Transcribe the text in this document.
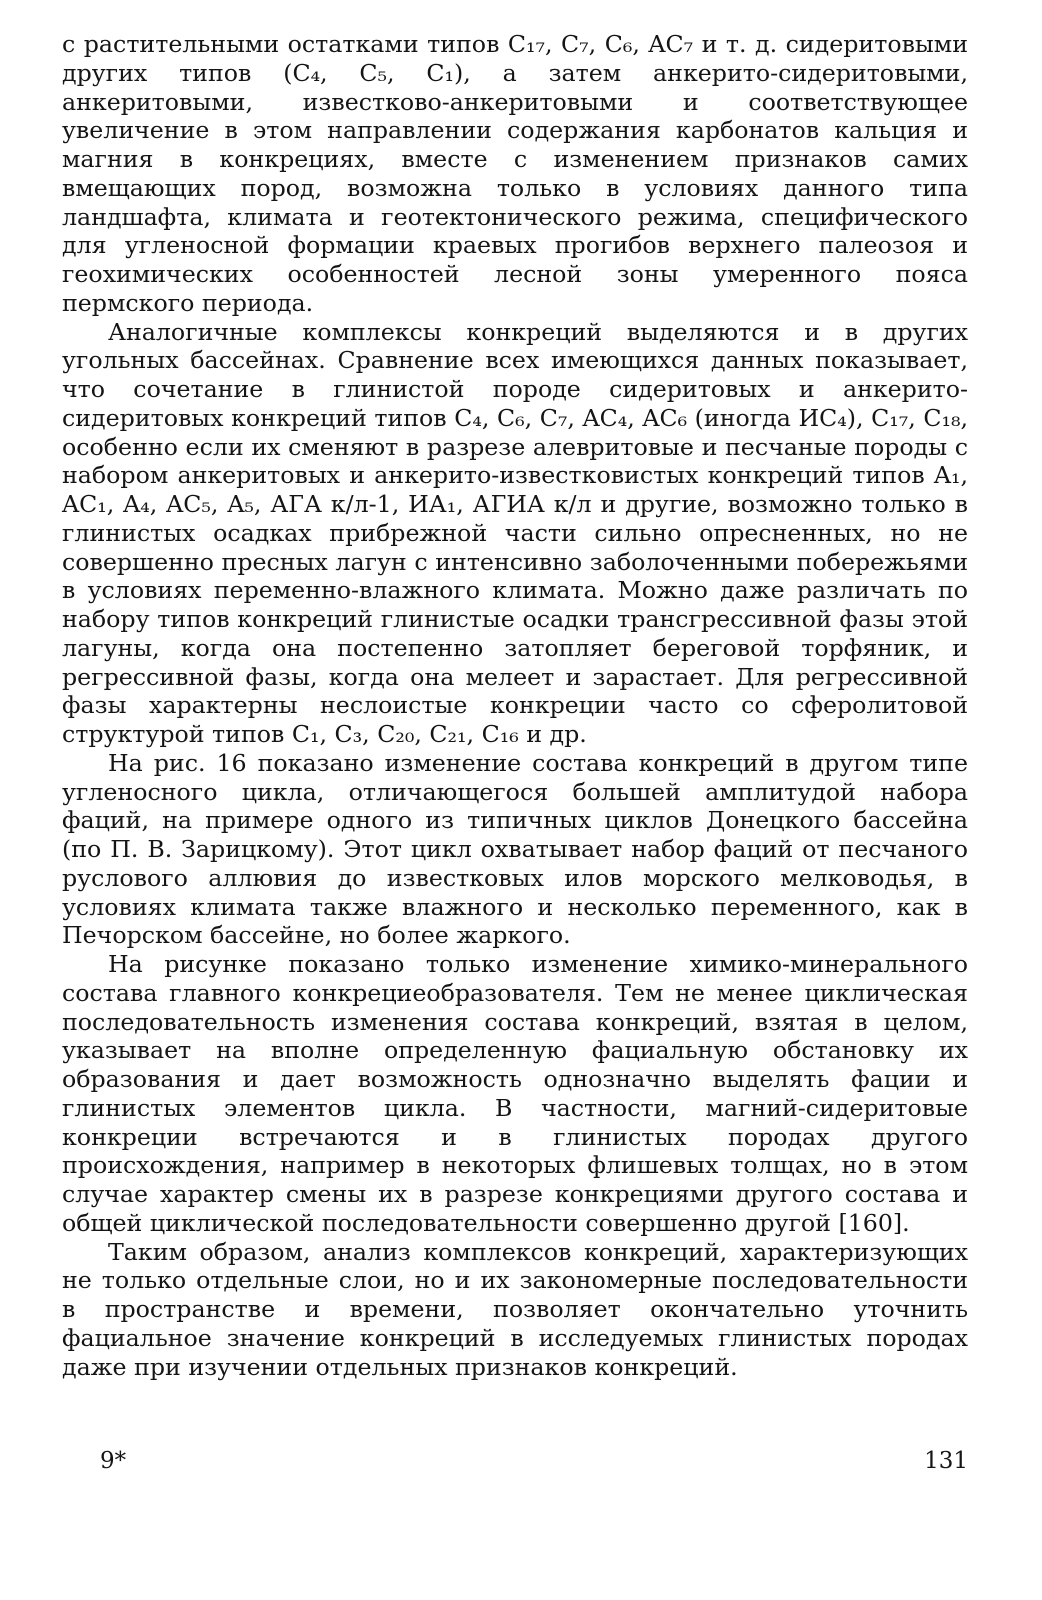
с растительными остатками типов C₁₇, C₇, C₆, AC₇ и т. д. сидеритовыми других типов (C₄, C₅, C₁), а затем анкерито-сидеритовыми, анкеритовыми, известково-анкеритовыми и соответствующее увеличение в этом направлении содержания карбонатов кальция и магния в конкрециях, вместе с изменением признаков самих вмещающих пород, возможна только в условиях данного типа ландшафта, климата и геотектонического режима, специфического для угленосной формации краевых прогибов верхнего палеозоя и геохимических особенностей лесной зоны умеренного пояса пермского периода.

Аналогичные комплексы конкреций выделяются и в других угольных бассейнах. Сравнение всех имеющихся данных показывает, что сочетание в глинистой породе сидеритовых и анкерито-сидеритовых конкреций типов C₄, C₆, C₇, AC₄, AC₆ (иногда ИC₄), C₁₇, C₁₈, особенно если их сменяют в разрезе алевритовые и песчаные породы с набором анкеритовых и анкерито-известковистых конкреций типов A₁, AC₁, A₄, AC₅, A₅, АГА к/л-1, ИА₁, АГИА к/л и другие, возможно только в глинистых осадках прибрежной части сильно опресненных, но не совершенно пресных лагун с интенсивно заболоченными побережьями в условиях переменно-влажного климата. Можно даже различать по набору типов конкреций глинистые осадки трансгрессивной фазы этой лагуны, когда она постепенно затопляет береговой торфяник, и регрессивной фазы, когда она мелеет и зарастает. Для регрессивной фазы характерны неслоистые конкреции часто со сферолитовой структурой типов C₁, C₃, C₂₀, C₂₁, C₁₆ и др.

На рис. 16 показано изменение состава конкреций в другом типе угленосного цикла, отличающегося большей амплитудой набора фаций, на примере одного из типичных циклов Донецкого бассейна (по П. В. Зарицкому). Этот цикл охватывает набор фаций от песчаного руслового аллювия до известковых илов морского мелководья, в условиях климата также влажного и несколько переменного, как в Печорском бассейне, но более жаркого.

На рисунке показано только изменение химико-минерального состава главного конкрециеобразователя. Тем не менее циклическая последовательность изменения состава конкреций, взятая в целом, указывает на вполне определенную фациальную обстановку их образования и дает возможность однозначно выделять фации и глинистых элементов цикла. В частности, магний-сидеритовые конкреции встречаются и в глинистых породах другого происхождения, например в некоторых флишевых толщах, но в этом случае характер смены их в разрезе конкрециями другого состава и общей циклической последовательности совершенно другой [160].

Таким образом, анализ комплексов конкреций, характеризующих не только отдельные слои, но и их закономерные последовательности в пространстве и времени, позволяет окончательно уточнить фациальное значение конкреций в исследуемых глинистых породах даже при изучении отдельных признаков конкреций.

9*	131
